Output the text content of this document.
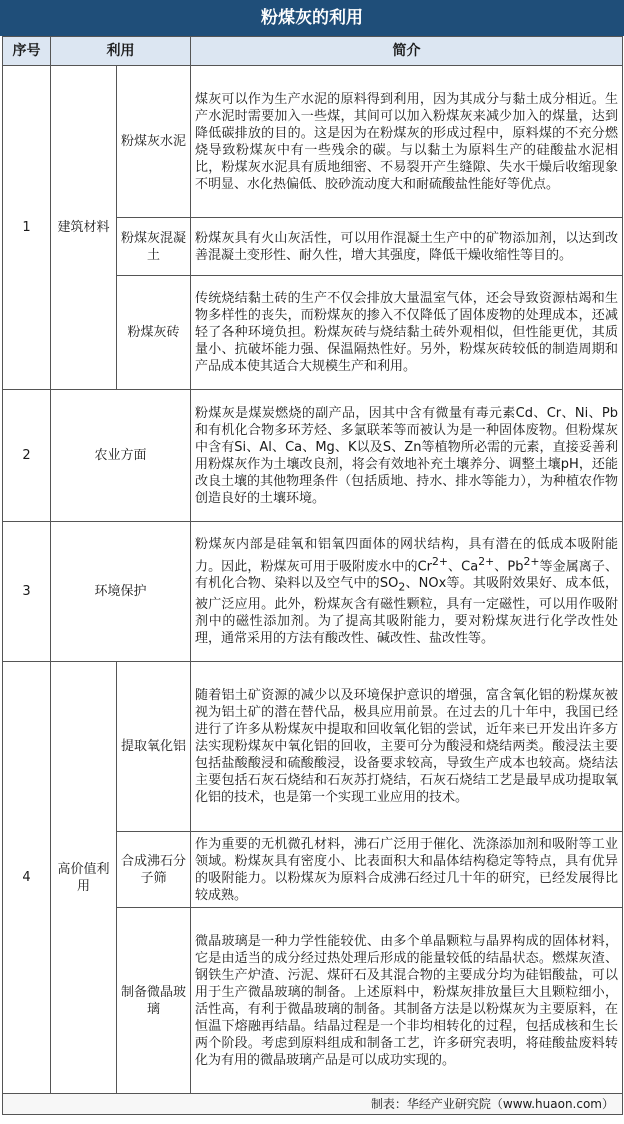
粉煤灰的利用
序号	利用		简介
1	建筑材料	粉煤灰水泥	煤灰可以作为生产水泥的原料得到利用，因为其成分与黏土成分相近。生产水泥时需要加入一些煤，其间可以加入粉煤灰来减少加入的煤量，达到降低碳排放的目的。这是因为在粉煤灰的形成过程中，原料煤的不充分燃烧导致粉煤灰中有一些残余的碳。与以黏土为原料生产的硅酸盐水泥相比，粉煤灰水泥具有质地细密、不易裂开产生缝隙、失水干燥后收缩现象不明显、水化热偏低、胶砂流动度大和耐硫酸盐性能好等优点。
		粉煤灰混凝土	粉煤灰具有火山灰活性，可以用作混凝土生产中的矿物添加剂，以达到改善混凝土变形性、耐久性，增大其强度，降低干燥收缩性等目的。
		粉煤灰砖	传统烧结黏土砖的生产不仅会排放大量温室气体，还会导致资源枯竭和生物多样性的丧失，而粉煤灰的掺入不仅降低了固体废物的处理成本，还减轻了各种环境负担。粉煤灰砖与烧结黏土砖外观相似，但性能更优，其质量小、抗破坏能力强、保温隔热性好。另外，粉煤灰砖较低的制造周期和产品成本使其适合大规模生产和利用。
2	农业方面		粉煤灰是煤炭燃烧的副产品，因其中含有微量有毒元素Cd、Cr、Ni、Pb和有机化合物多环芳烃、多氯联苯等而被认为是一种固体废物。但粉煤灰中含有Si、Al、Ca、Mg、K以及S、Zn等植物所必需的元素，直接妥善利用粉煤灰作为土壤改良剂，将会有效地补充土壤养分、调整土壤pH，还能改良土壤的其他物理条件（包括质地、持水、排水等能力），为种植农作物创造良好的土壤环境。
3	环境保护		粉煤灰内部是硅氧和铝氧四面体的网状结构，具有潜在的低成本吸附能力。因此，粉煤灰可用于吸附废水中的$Cr^{2+}$、$Ca^{2+}$、$Pb^{2+}$等金属离子、有机化合物、染料以及空气中的$SO_2$、NOx等。其吸附效果好、成本低，被广泛应用。此外，粉煤灰含有磁性颗粒，具有一定磁性，可以用作吸附剂中的磁性添加剂。为了提高其吸附能力，要对粉煤灰进行化学改性处理，通常采用的方法有酸改性、碱改性、盐改性等。
4	高价值利用	提取氧化铝	随着铝土矿资源的减少以及环境保护意识的增强，富含氧化铝的粉煤灰被视为铝土矿的潜在替代品，极具应用前景。在过去的几十年中，我国已经进行了许多从粉煤灰中提取和回收氧化铝的尝试，近年来已开发出许多方法实现粉煤灰中氧化铝的回收，主要可分为酸浸和烧结两类。酸浸法主要包括盐酸酸浸和硫酸酸浸，设备要求较高，导致生产成本也较高。烧结法主要包括石灰石烧结和石灰苏打烧结，石灰石烧结工艺是最早成功提取氧化铝的技术，也是第一个实现工业应用的技术。
		合成沸石分子筛	作为重要的无机微孔材料，沸石广泛用于催化、洗涤添加剂和吸附等工业领域。粉煤灰具有密度小、比表面积大和晶体结构稳定等特点，具有优异的吸附能力。以粉煤灰为原料合成沸石经过几十年的研究，已经发展得比较成熟。
		制备微晶玻璃	微晶玻璃是一种力学性能较优、由多个单晶颗粒与晶界构成的固体材料，它是由适当的成分经过热处理后形成的能量较低的结晶状态。燃煤灰渣、钢铁生产炉渣、污泥、煤矸石及其混合物的主要成分均为硅铝酸盐，可以用于生产微晶玻璃的制备。上述原料中，粉煤灰排放量巨大且颗粒细小，活性高，有利于微晶玻璃的制备。其制备方法是以粉煤灰为主要原料，在恒温下熔融再结晶。结晶过程是一个非均相转化的过程，包括成核和生长两个阶段。考虑到原料组成和制备工艺，许多研究表明，将硅酸盐废料转化为有用的微晶玻璃产品是可以成功实现的。
制表：华经产业研究院（www.huaon.com）			
